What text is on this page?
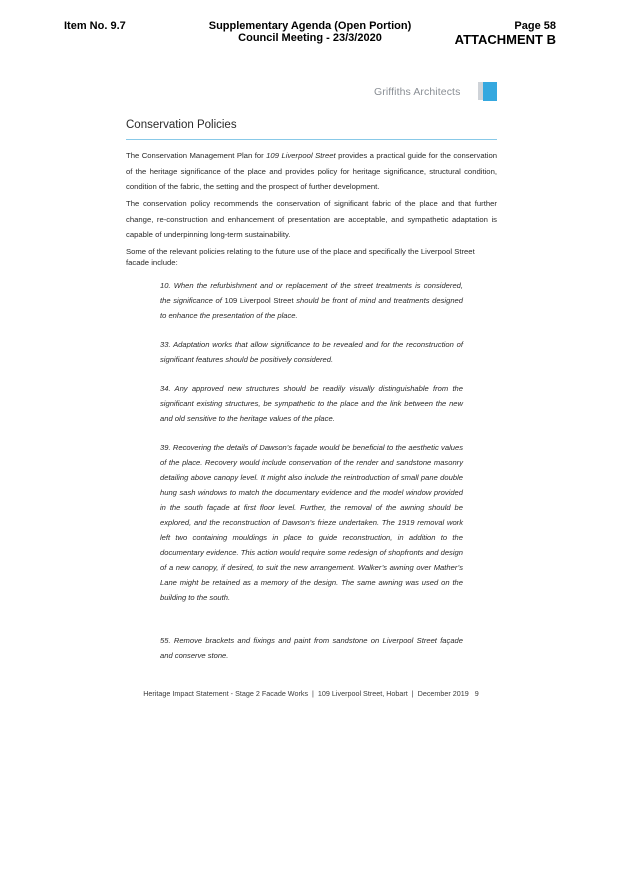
Item No. 9.7	Supplementary Agenda (Open Portion)
Council Meeting - 23/3/2020
Page 58
ATTACHMENT B
Griffiths Architects
Conservation Policies
The Conservation Management Plan for 109 Liverpool Street provides a practical guide for the conservation of the heritage significance of the place and provides policy for heritage significance, structural condition, condition of the fabric, the setting and the prospect of further development.
The conservation policy recommends the conservation of significant fabric of the place and that further change, re-construction and enhancement of presentation are acceptable, and sympathetic adaptation is capable of underpinning long-term sustainability.
Some of the relevant policies relating to the future use of the place and specifically the Liverpool Street facade include:
10. When the refurbishment and or replacement of the street treatments is considered, the significance of 109 Liverpool Street should be front of mind and treatments designed to enhance the presentation of the place.
33. Adaptation works that allow significance to be revealed and for the reconstruction of significant features should be positively considered.
34. Any approved new structures should be readily visually distinguishable from the significant existing structures, be sympathetic to the place and the link between the new and old sensitive to the heritage values of the place.
39. Recovering the details of Dawson’s façade would be beneficial to the aesthetic values of the place. Recovery would include conservation of the render and sandstone masonry detailing above canopy level. It might also include the reintroduction of small pane double hung sash windows to match the documentary evidence and the model window provided in the south façade at first floor level. Further, the removal of the awning should be explored, and the reconstruction of Dawson’s frieze undertaken. The 1919 removal work left two containing mouldings in place to guide reconstruction, in addition to the documentary evidence. This action would require some redesign of shopfronts and design of a new canopy, if desired, to suit the new arrangement. Walker’s awning over Mather’s Lane might be retained as a memory of the design. The same awning was used on the building to the south.
55. Remove brackets and fixings and paint from sandstone on Liverpool Street façade and conserve stone.
Heritage Impact Statement - Stage 2 Facade Works  |  109 Liverpool Street, Hobart  |  December 2019 9
